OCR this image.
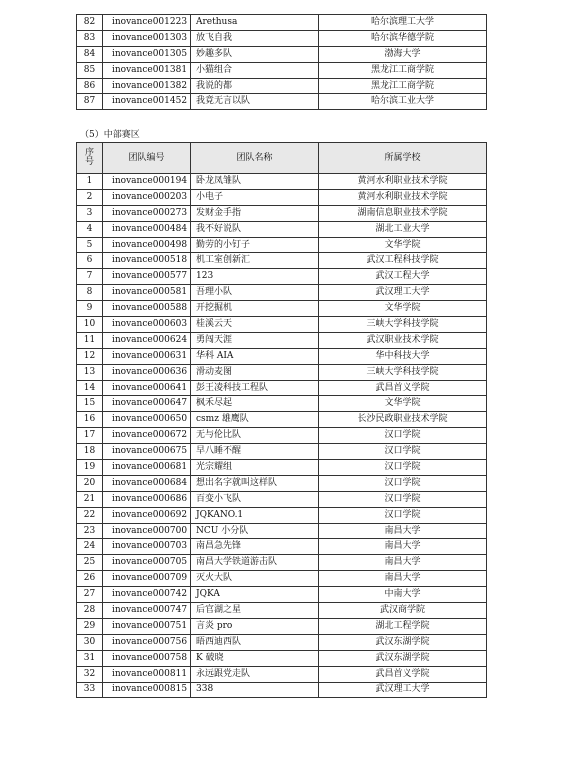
82	inovance001223	Arethusa	哈尔滨理工大学
83	inovance001303	放飞自我	哈尔滨华德学院
84	inovance001305	妙趣多队	渤海大学
85	inovance001381	小猫组合	黑龙江工商学院
86	inovance001382	我说的都	黑龙江工商学院
87	inovance001452	我竟无言以队	哈尔滨工业大学

（5）中部赛区

序号	团队编号	团队名称	所属学校
1	inovance000194	卧龙凤雏队	黄河水利职业技术学院
2	inovance000203	小电子	黄河水利职业技术学院
3	inovance000273	发财金手指	湖南信息职业技术学院
4	inovance000484	我不好说队	湖北工业大学
5	inovance000498	勤劳的小钉子	文华学院
6	inovance000518	机工室创新汇	武汉工程科技学院
7	inovance000577	123	武汉工程大学
8	inovance000581	吾理小队	武汉理工大学
9	inovance000588	开挖掘机	文华学院
10	inovance000603	桂溪云天	三峡大学科技学院
11	inovance000624	勇闯天涯	武汉职业技术学院
12	inovance000631	华科 AIA	华中科技大学
13	inovance000636	滑动麦图	三峡大学科技学院
14	inovance000641	彭王凌科技工程队	武昌首义学院
15	inovance000647	枫禾尽起	文华学院
16	inovance000650	csmz 雄鹰队	长沙民政职业技术学院
17	inovance000672	无与伦比队	汉口学院
18	inovance000675	早八睡不醒	汉口学院
19	inovance000681	光宗耀组	汉口学院
20	inovance000684	想出名字就叫这样队	汉口学院
21	inovance000686	百变小飞队	汉口学院
22	inovance000692	JQKANO.1	汉口学院
23	inovance000700	NCU 小分队	南昌大学
24	inovance000703	南昌急先锋	南昌大学
25	inovance000705	南昌大学铁道游击队	南昌大学
26	inovance000709	灭火大队	南昌大学
27	inovance000742	JQKA	中南大学
28	inovance000747	后官湖之星	武汉商学院
29	inovance000751	言炎 pro	湖北工程学院
30	inovance000756	晤西迪西队	武汉东湖学院
31	inovance000758	K 破晓	武汉东湖学院
32	inovance000811	永远跟党走队	武昌首义学院
33	inovance000815	338	武汉理工大学
